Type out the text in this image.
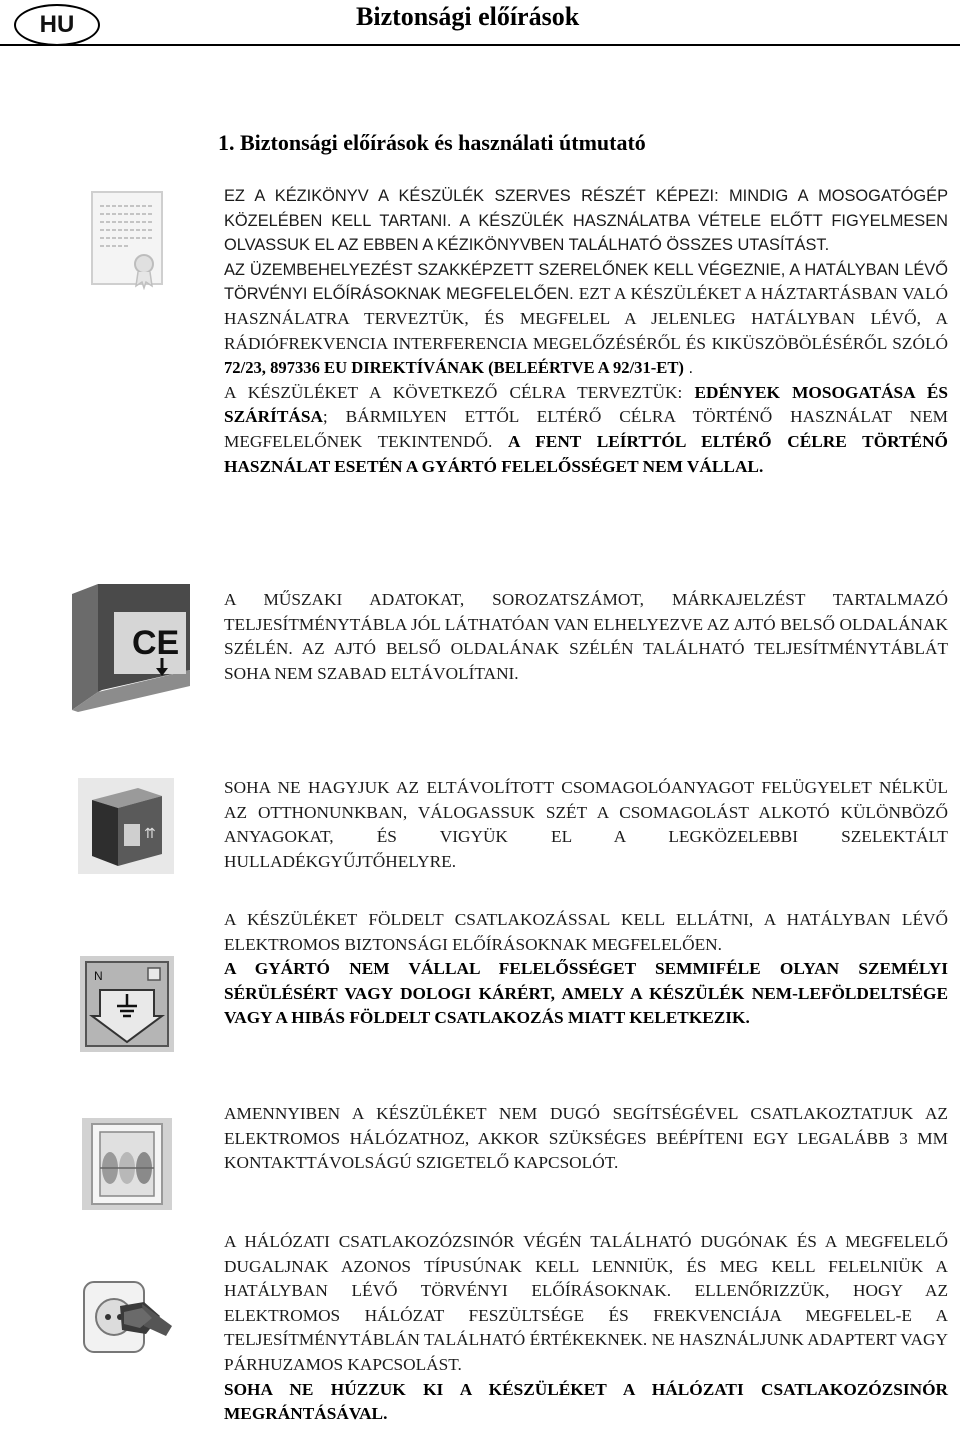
HU	Biztonsági előírások
1. Biztonsági előírások és használati útmutató

EZ A KÉZIKÖNYV A KÉSZÜLÉK SZERVES RÉSZÉT KÉPEZI: MINDIG A MOSOGATÓGÉP KÖZELÉBEN KELL TARTANI. A KÉSZÜLÉK HASZNÁLATBA VÉTELE ELŐTT FIGYELMESEN OLVASSUK EL AZ EBBEN A KÉZIKÖNYVBEN TALÁLHATÓ ÖSSZES UTASÍTÁST.

AZ ÜZEMBEHELYEZÉST SZAKKÉPZETT SZERELŐNEK KELL VÉGEZNIE, A HATÁLYBAN LÉVŐ TÖRVÉNYI ELŐÍRÁSOKNAK MEGFELELŐEN. EZT A KÉSZÜLÉKET A HÁZTARTÁSBAN VALÓ HASZNÁLATRA TERVEZTÜK, ÉS MEGFELEL A JELENLEG HATÁLYBAN LÉVŐ, A RÁDIÓFREKVENCIA INTERFERENCIA MEGELŐZÉSÉRŐL ÉS KIKÜSZÖBÖLÉSÉRŐL SZÓLÓ 72/23, 897336 EU DIREKTÍVÁNAK (BELEÉRTVE A 92/31-ET) .

A KÉSZÜLÉKET A KÖVETKEZŐ CÉLRA TERVEZTÜK: EDÉNYEK MOSOGATÁSA ÉS SZÁRÍTÁSA; BÁRMILYEN ETTŐL ELTÉRŐ CÉLRA TÖRTÉNŐ HASZNÁLAT NEM MEGFELELŐNEK TEKINTENDŐ. A FENT LEÍRTTÓL ELTÉRŐ CÉLRE TÖRTÉNŐ HASZNÁLAT ESETÉN A GYÁRTÓ FELELŐSSÉGET NEM VÁLLAL.

CE

A MŰSZAKI ADATOKAT, SOROZATSZÁMOT, MÁRKAJELZÉST TARTALMAZÓ TELJESÍTMÉNYTÁBLA JÓL LÁTHATÓAN VAN ELHELYEZVE AZ AJTÓ BELSŐ OLDALÁNAK SZÉLÉN. AZ AJTÓ BELSŐ OLDALÁNAK SZÉLÉN TALÁLHATÓ TELJESÍTMÉNYTÁBLÁT SOHA NEM SZABAD ELTÁVOLÍTANI.

⇈

SOHA NE HAGYJUK AZ ELTÁVOLÍTOTT CSOMAGOLÓANYAGOT FELÜGYELET NÉLKÜL AZ OTTHONUNKBAN, VÁLOGASSUK SZÉT A CSOMAGOLÁST ALKOTÓ KÜLÖNBÖZŐ ANYAGOKAT, ÉS VIGYÜK EL A LEGKÖZELEBBI SZELEKTÁLT HULLADÉKGYŰJTŐHELYRE.

N

A KÉSZÜLÉKET FÖLDELT CSATLAKOZÁSSAL KELL ELLÁTNI, A HATÁLYBAN LÉVŐ ELEKTROMOS BIZTONSÁGI ELŐÍRÁSOKNAK MEGFELELŐEN.

A GYÁRTÓ NEM VÁLLAL FELELŐSSÉGET SEMMIFÉLE OLYAN SZEMÉLYI SÉRÜLÉSÉRT VAGY DOLOGI KÁRÉRT, AMELY A KÉSZÜLÉK NEM-LEFÖLDELTSÉGE VAGY A HIBÁS FÖLDELT CSATLAKOZÁS MIATT KELETKEZIK.

AMENNYIBEN A KÉSZÜLÉKET NEM DUGÓ SEGÍTSÉGÉVEL CSATLAKOZTATJUK AZ ELEKTROMOS HÁLÓZATHOZ, AKKOR SZÜKSÉGES BEÉPÍTENI EGY LEGALÁBB 3 MM KONTAKTTÁVOLSÁGÚ SZIGETELŐ KAPCSOLÓT.

A HÁLÓZATI CSATLAKOZÓZSINÓR VÉGÉN TALÁLHATÓ DUGÓNAK ÉS A MEGFELELŐ DUGALJNAK AZONOS TÍPUSÚNAK KELL LENNIÜK, ÉS MEG KELL FELELNIÜK A HATÁLYBAN LÉVŐ TÖRVÉNYI ELŐÍRÁSOKNAK. ELLENŐRIZZÜK, HOGY AZ ELEKTROMOS HÁLÓZAT FESZÜLTSÉGE ÉS FREKVENCIÁJA MEGFELEL-E A TELJESÍTMÉNYTÁBLÁN TALÁLHATÓ ÉRTÉKEKNEK. NE HASZNÁLJUNK ADAPTERT VAGY PÁRHUZAMOS KAPCSOLÁST.

SOHA NE HÚZZUK KI A KÉSZÜLÉKET A HÁLÓZATI CSATLAKOZÓZSINÓR MEGRÁNTÁSÁVAL.
